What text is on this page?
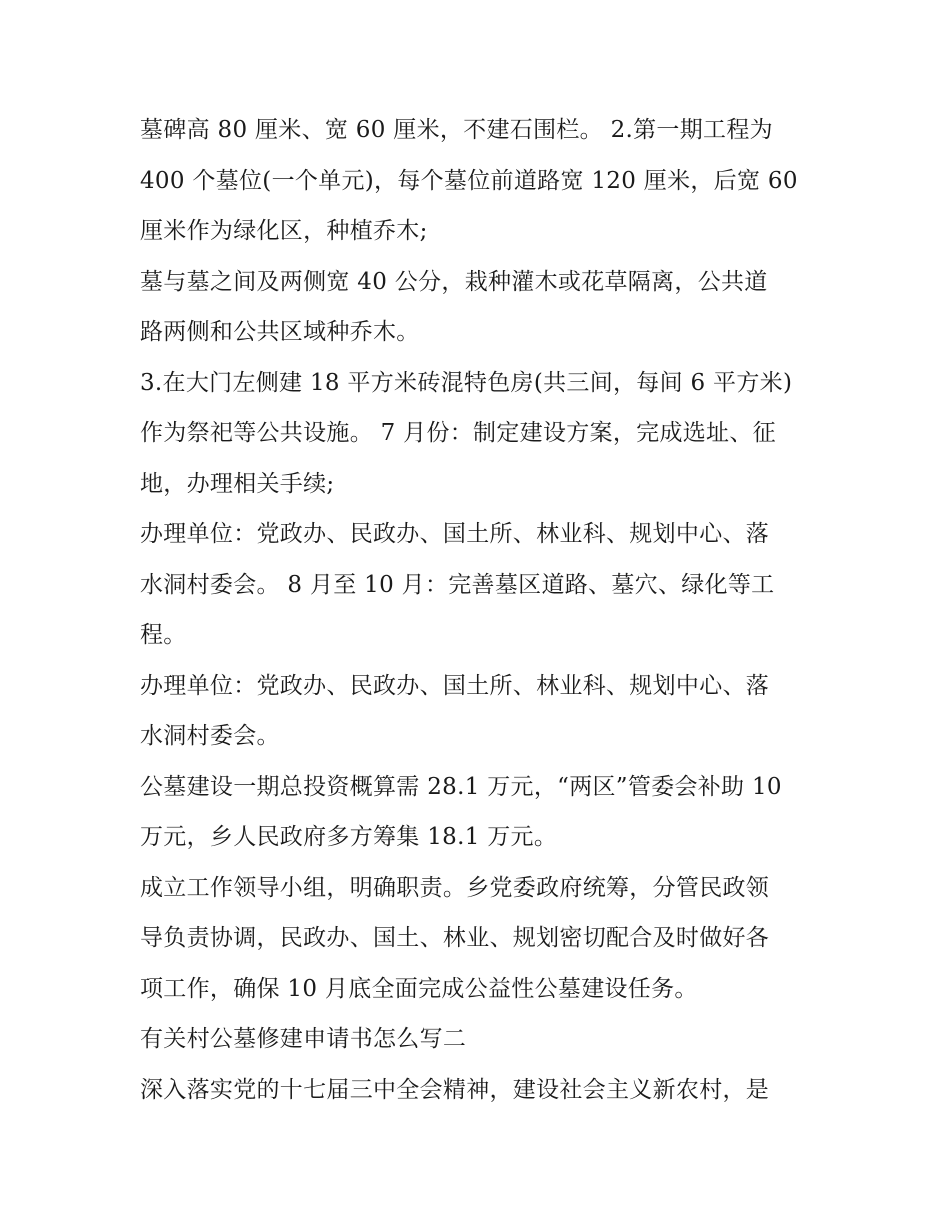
墓碑高 80 厘米、宽 60 厘米，不建石围栏。 2.第一期工程为
400 个墓位(一个单元)，每个墓位前道路宽 120 厘米，后宽 60
厘米作为绿化区，种植乔木;
墓与墓之间及两侧宽 40 公分，栽种灌木或花草隔离，公共道
路两侧和公共区域种乔木。
3.在大门左侧建 18 平方米砖混特色房(共三间，每间 6 平方米)
作为祭祀等公共设施。 7 月份：制定建设方案，完成选址、征
地，办理相关手续;
办理单位：党政办、民政办、国土所、林业科、规划中心、落
水洞村委会。 8 月至 10 月：完善墓区道路、墓穴、绿化等工
程。
办理单位：党政办、民政办、国土所、林业科、规划中心、落
水洞村委会。
公墓建设一期总投资概算需 28.1 万元，“两区”管委会补助 10
万元，乡人民政府多方筹集 18.1 万元。
成立工作领导小组，明确职责。乡党委政府统筹，分管民政领
导负责协调，民政办、国土、林业、规划密切配合及时做好各
项工作，确保 10 月底全面完成公益性公墓建设任务。
有关村公墓修建申请书怎么写二
深入落实党的十七届三中全会精神，建设社会主义新农村，是
